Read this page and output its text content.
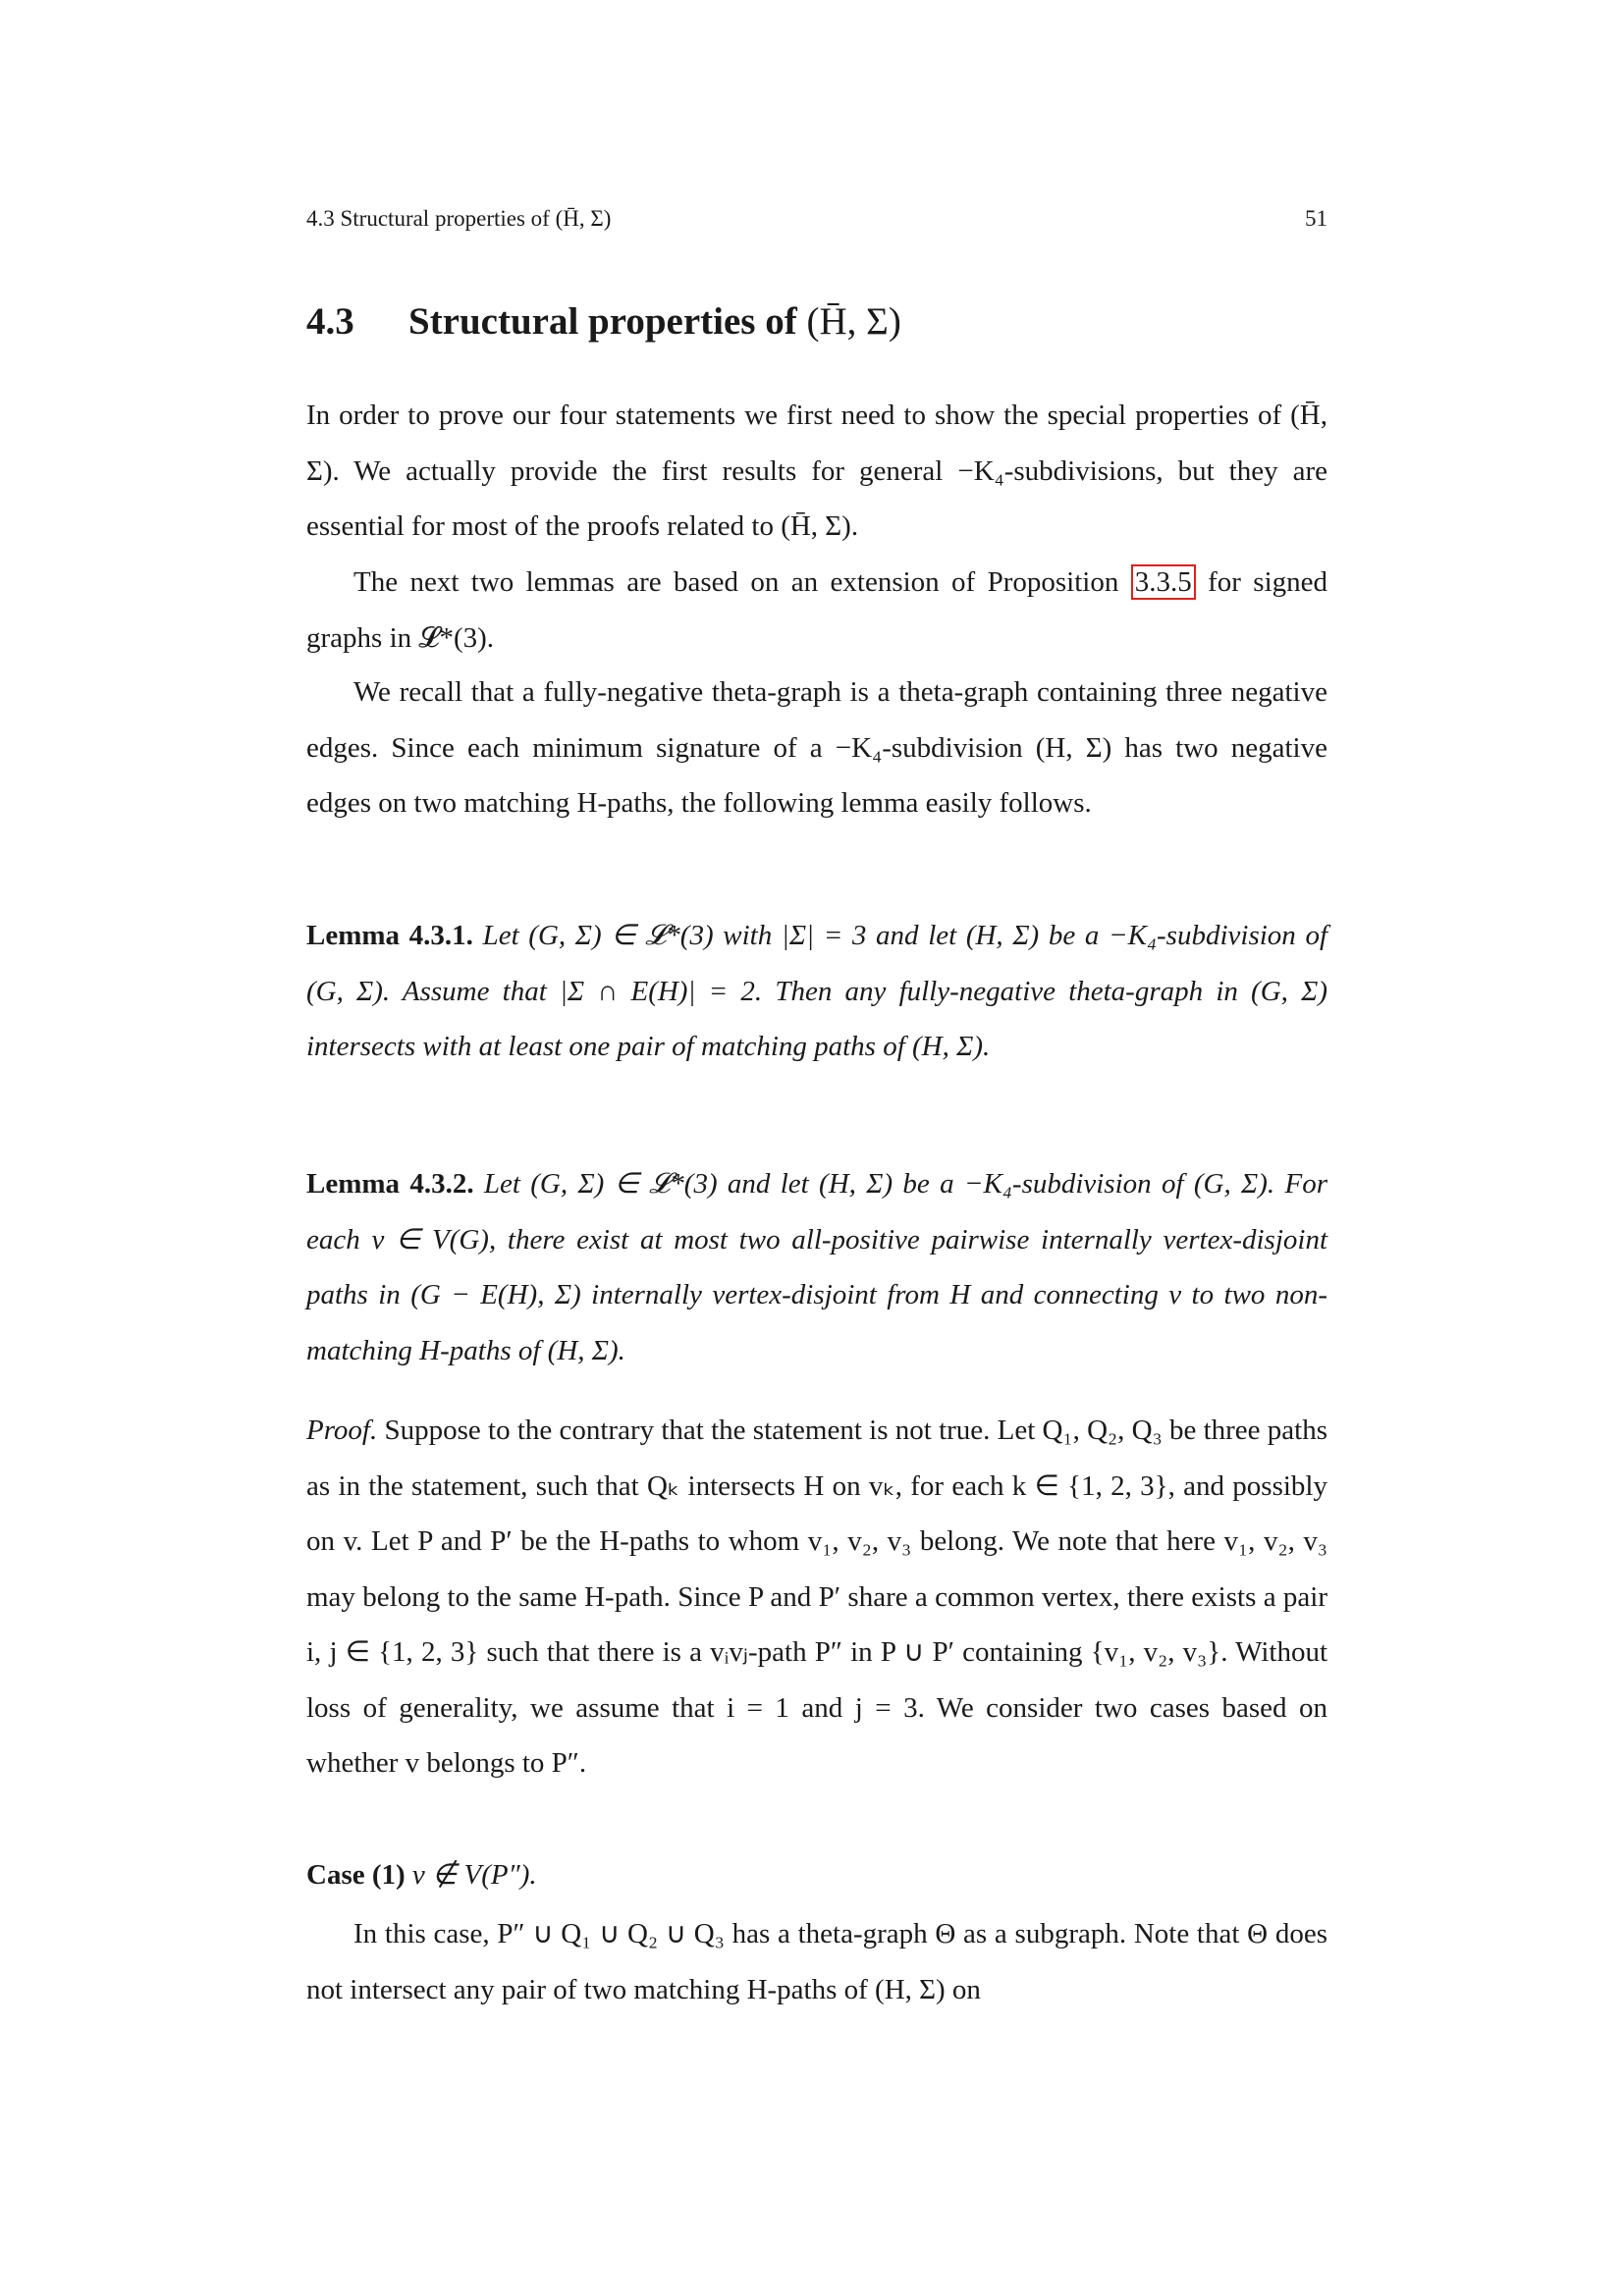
4.3 Structural properties of (H̄, Σ)	51
4.3 Structural properties of (H̄, Σ)

In order to prove our four statements we first need to show the special properties of (H̄, Σ). We actually provide the first results for general −K₄-subdivisions, but they are essential for most of the proofs related to (H̄, Σ).

The next two lemmas are based on an extension of Proposition 3.3.5 for signed graphs in 𝓛*(3).

We recall that a fully-negative theta-graph is a theta-graph containing three negative edges. Since each minimum signature of a −K₄-subdivision (H, Σ) has two negative edges on two matching H-paths, the following lemma easily follows.

Lemma 4.3.1. Let (G, Σ) ∈ 𝓛*(3) with |Σ| = 3 and let (H, Σ) be a −K₄-subdivision of (G, Σ). Assume that |Σ ∩ E(H)| = 2. Then any fully-negative theta-graph in (G, Σ) intersects with at least one pair of matching paths of (H, Σ).

Lemma 4.3.2. Let (G, Σ) ∈ 𝓛*(3) and let (H, Σ) be a −K₄-subdivision of (G, Σ). For each v ∈ V(G), there exist at most two all-positive pairwise internally vertex-disjoint paths in (G − E(H), Σ) internally vertex-disjoint from H and connecting v to two non-matching H-paths of (H, Σ).

Proof. Suppose to the contrary that the statement is not true. Let Q₁, Q₂, Q₃ be three paths as in the statement, such that Qₖ intersects H on vₖ, for each k ∈ {1, 2, 3}, and possibly on v. Let P and P′ be the H-paths to whom v₁, v₂, v₃ belong. We note that here v₁, v₂, v₃ may belong to the same H-path. Since P and P′ share a common vertex, there exists a pair i, j ∈ {1, 2, 3} such that there is a vᵢvⱼ-path P″ in P ∪ P′ containing {v₁, v₂, v₃}. Without loss of generality, we assume that i = 1 and j = 3. We consider two cases based on whether v belongs to P″.

Case (1) v ∉ V(P″).

In this case, P″ ∪ Q₁ ∪ Q₂ ∪ Q₃ has a theta-graph Θ as a subgraph. Note that Θ does not intersect any pair of two matching H-paths of (H, Σ) on
